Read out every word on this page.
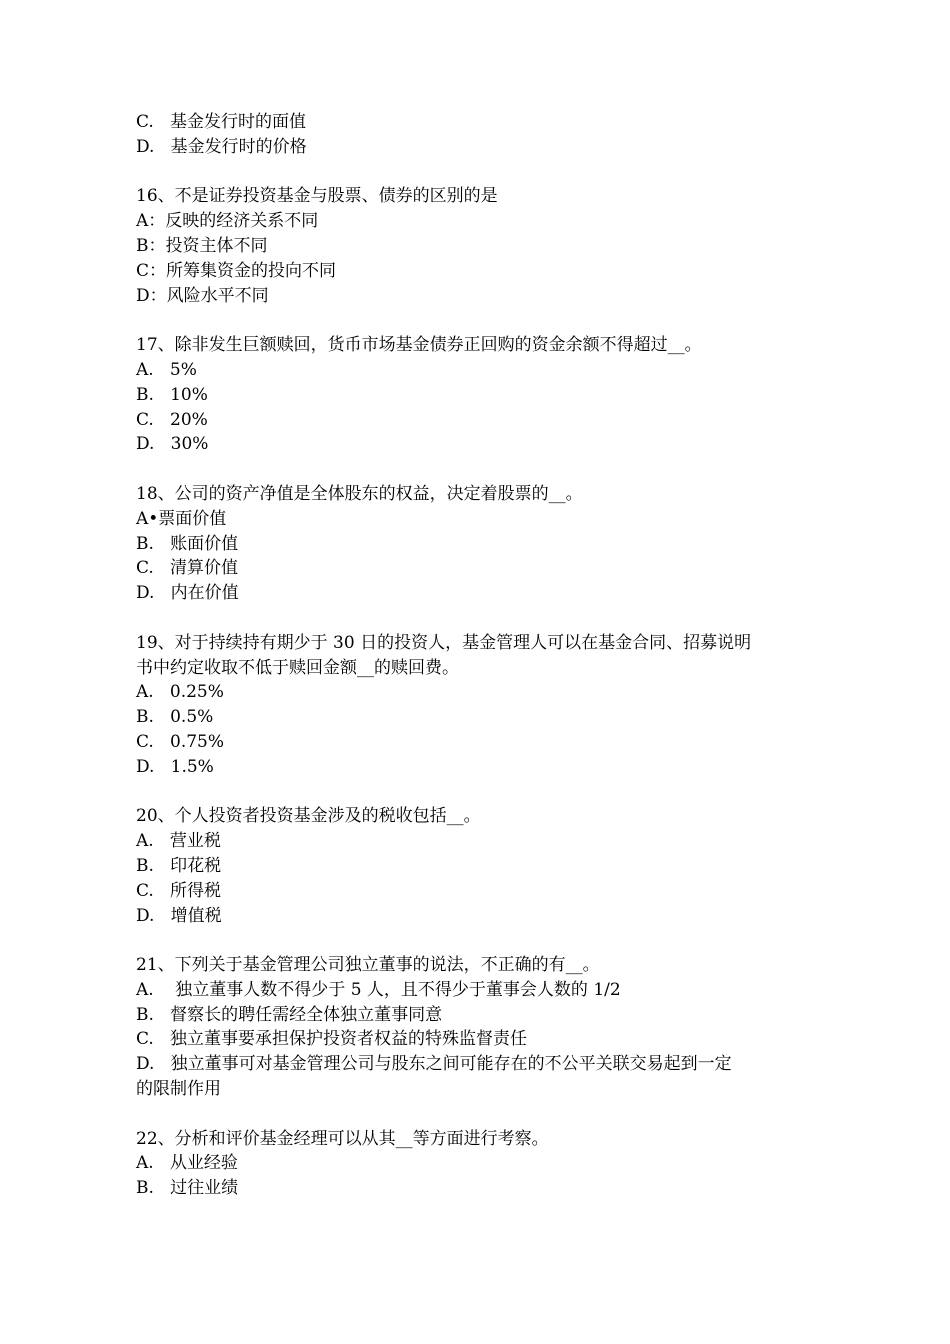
C.   基金发行时的面值
D.   基金发行时的价格
16、不是证券投资基金与股票、债券的区别的是
A：反映的经济关系不同
B：投资主体不同
C：所筹集资金的投向不同
D：风险水平不同
17、除非发生巨额赎回，货币市场基金债券正回购的资金余额不得超过__。
A.   5%
B.   10%
C.   20%
D.   30%
18、公司的资产净值是全体股东的权益，决定着股票的__。
A•票面价值
B.   账面价值
C.   清算价值
D.   内在价值
19、对于持续持有期少于 30 日的投资人，基金管理人可以在基金合同、招募说明
书中约定收取不低于赎回金额__的赎回费。
A.   0.25%
B.   0.5%
C.   0.75%
D.   1.5%
20、个人投资者投资基金涉及的税收包括__。
A.   营业税
B.   印花税
C.   所得税
D.   增值税
21、下列关于基金管理公司独立董事的说法，不正确的有__。
A.    独立董事人数不得少于 5 人，且不得少于董事会人数的 1/2
B.   督察长的聘任需经全体独立董事同意
C.   独立董事要承担保护投资者权益的特殊监督责任
D.   独立董事可对基金管理公司与股东之间可能存在的不公平关联交易起到一定
的限制作用
22、分析和评价基金经理可以从其__等方面进行考察。
A.   从业经验
B.   过往业绩
